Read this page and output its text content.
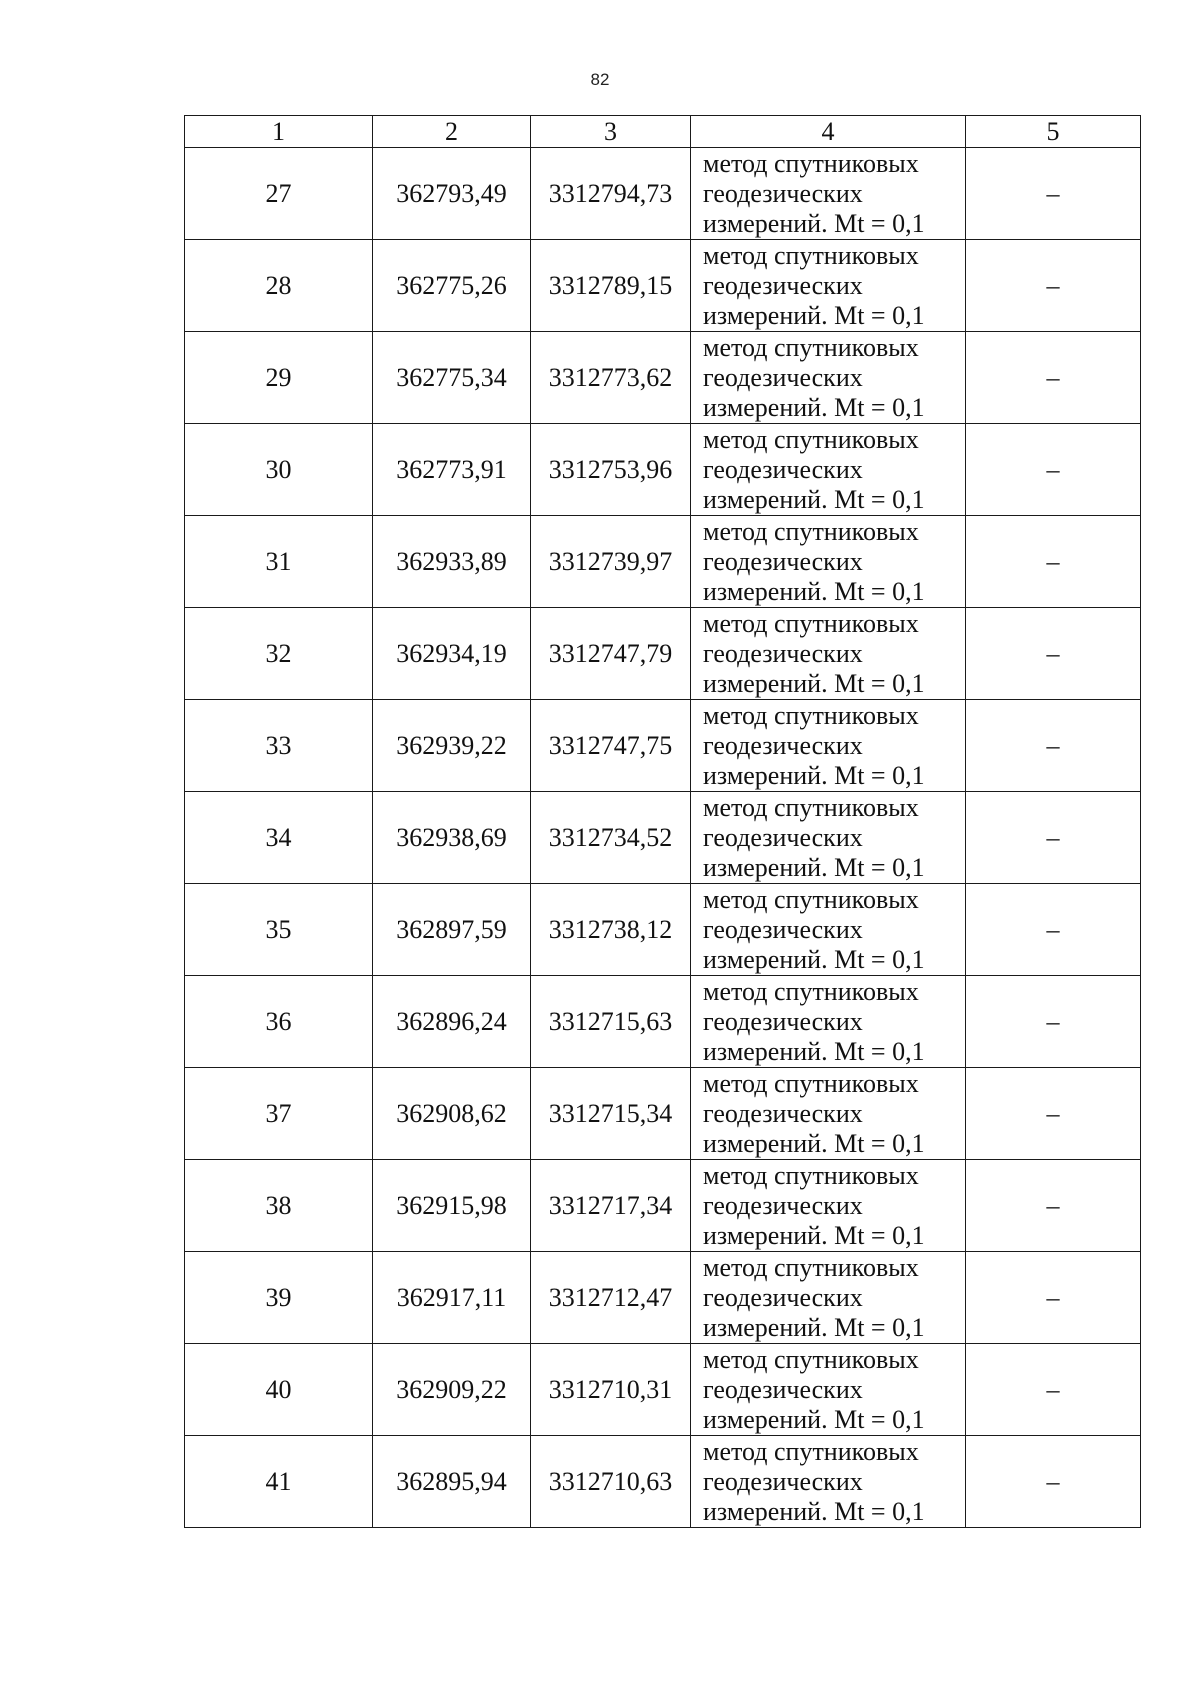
82
1	2	3	4	5
27	362793,49	3312794,73	метод спутниковых
геодезических
измерений. Mt = 0,1	–
28	362775,26	3312789,15	метод спутниковых
геодезических
измерений. Mt = 0,1	–
29	362775,34	3312773,62	метод спутниковых
геодезических
измерений. Mt = 0,1	–
30	362773,91	3312753,96	метод спутниковых
геодезических
измерений. Mt = 0,1	–
31	362933,89	3312739,97	метод спутниковых
геодезических
измерений. Mt = 0,1	–
32	362934,19	3312747,79	метод спутниковых
геодезических
измерений. Mt = 0,1	–
33	362939,22	3312747,75	метод спутниковых
геодезических
измерений. Mt = 0,1	–
34	362938,69	3312734,52	метод спутниковых
геодезических
измерений. Mt = 0,1	–
35	362897,59	3312738,12	метод спутниковых
геодезических
измерений. Mt = 0,1	–
36	362896,24	3312715,63	метод спутниковых
геодезических
измерений. Mt = 0,1	–
37	362908,62	3312715,34	метод спутниковых
геодезических
измерений. Mt = 0,1	–
38	362915,98	3312717,34	метод спутниковых
геодезических
измерений. Mt = 0,1	–
39	362917,11	3312712,47	метод спутниковых
геодезических
измерений. Mt = 0,1	–
40	362909,22	3312710,31	метод спутниковых
геодезических
измерений. Mt = 0,1	–
41	362895,94	3312710,63	метод спутниковых
геодезических
измерений. Mt = 0,1	–
